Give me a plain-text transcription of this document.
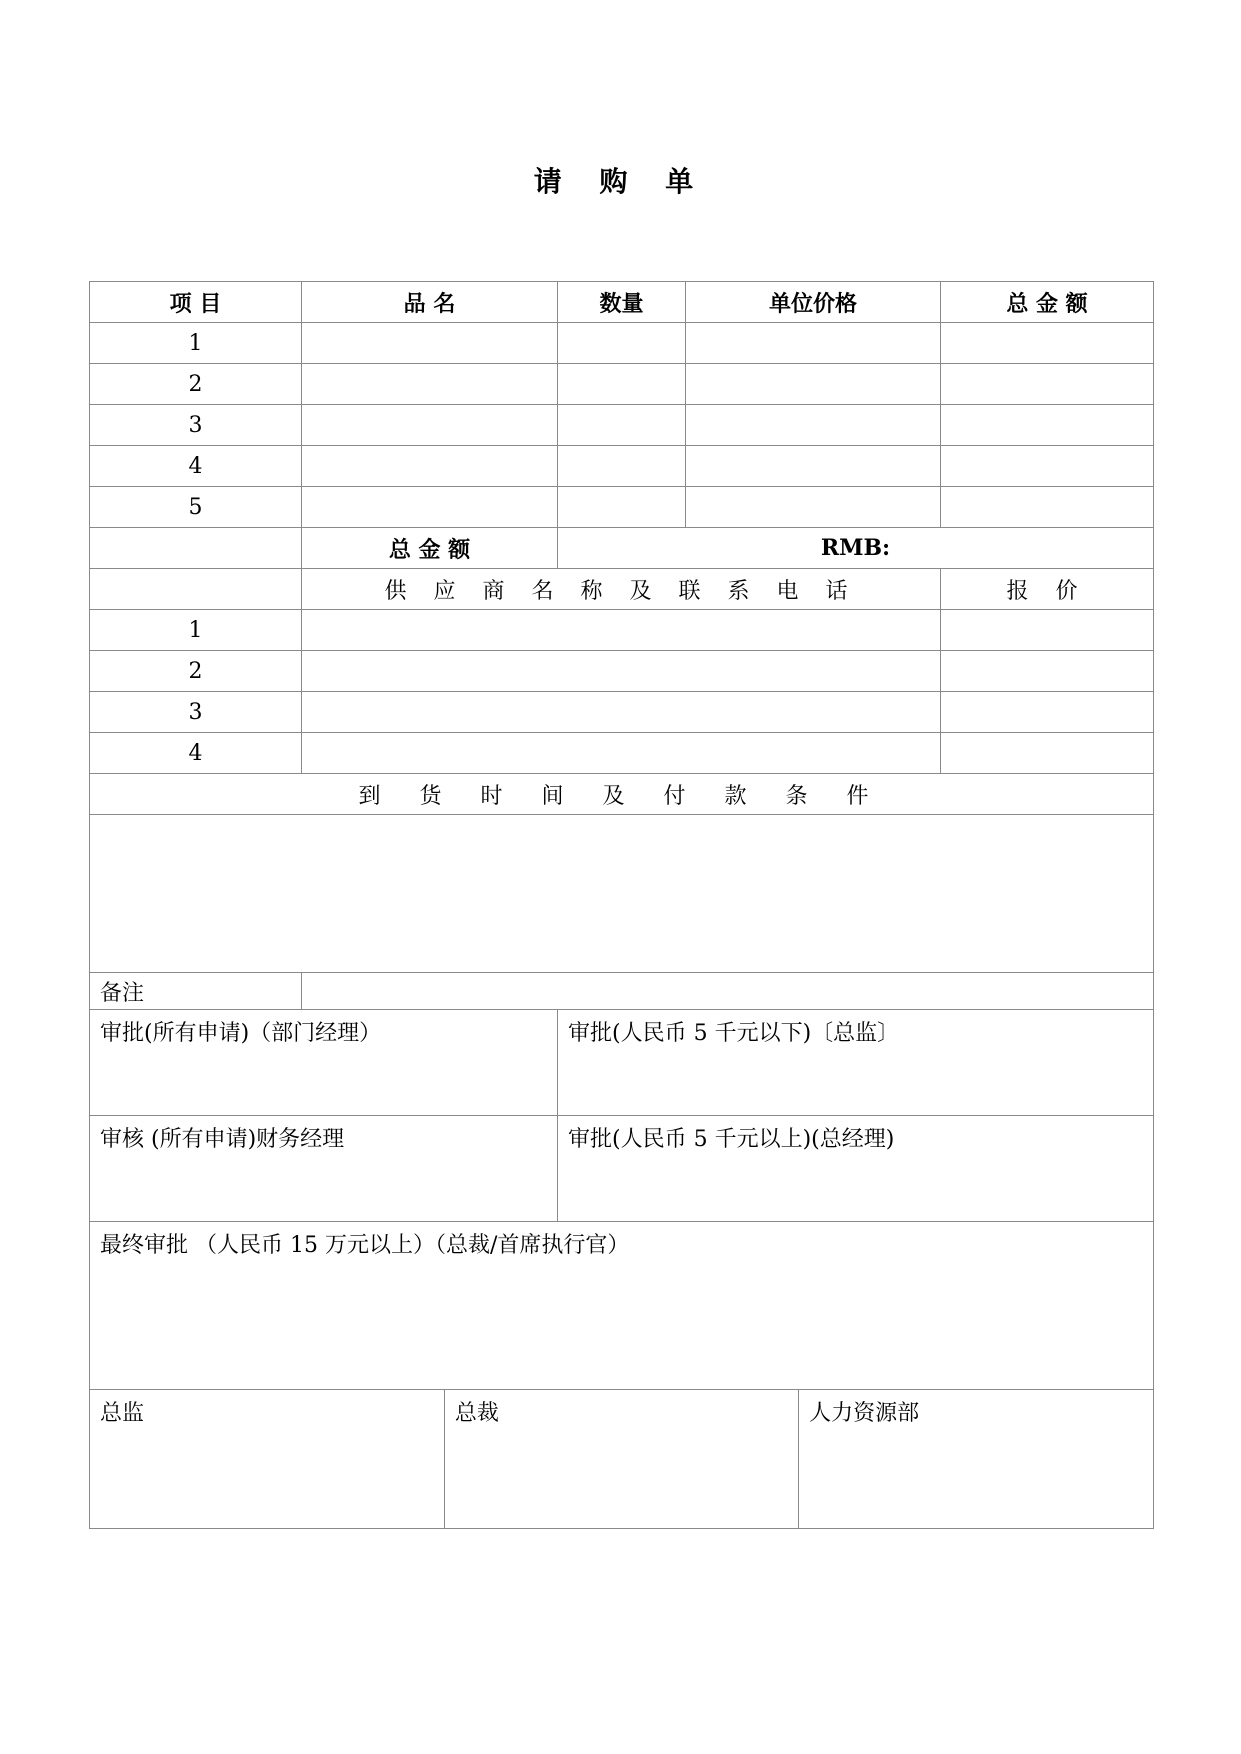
请 购 单
项 目	品 名	数量	单位价格	总 金 额
1				
2				
3				
4				
5				
	总 金 额	RMB:
	供 应 商 名 称 及 联 系 电 话	报 价
1		
2		
3		
4		
到 货 时 间 及 付 款 条 件

备注	
审批(所有申请)（部门经理）	审批(人民币 5 千元以下)〔总监〕
审核 (所有申请)财务经理	审批(人民币 5 千元以上)(总经理)
最终审批 （人民币 15 万元以上）（总裁/首席执行官）

总监	总裁	人力资源部
